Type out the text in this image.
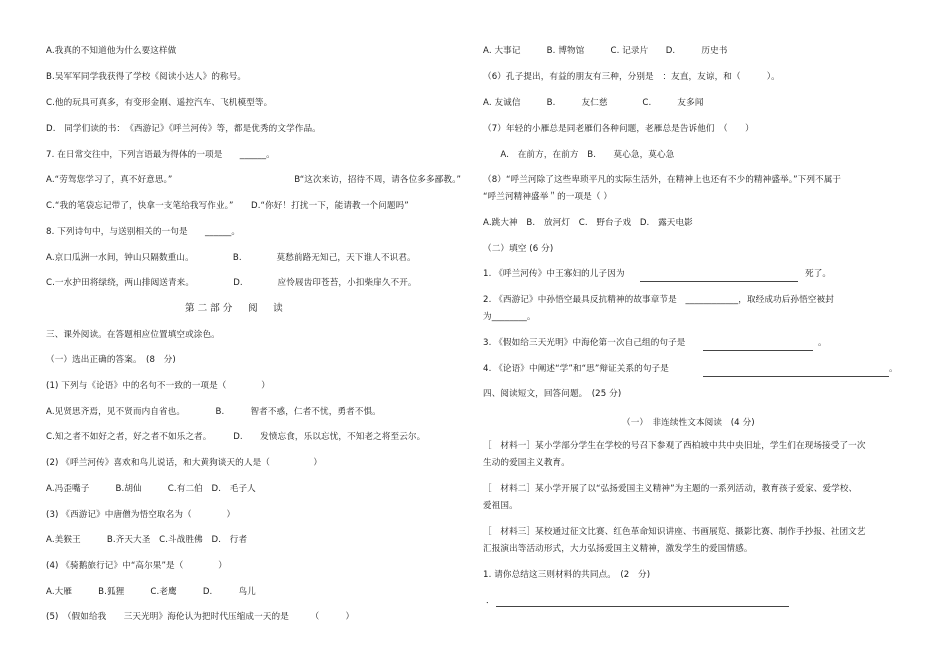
第二部分　阅　读
（一）　非连续性文本阅读　(4 分)
A.我真的不知道他为什么要这样做
B.吴军军同学我获得了学校《阅读小达人》的称号。
C.他的玩具可真多，有变形金刚、遥控汽车、飞机模型等。
D.　同学们读的书：　《西游记》《呼兰河传》等，都是优秀的文学作品。
7. 在日常交往中，下列言语最为得体的一项是　　______。
A.“劳驾您学习了，真不好意思。”　　　　　　　　　　　　　　B“这次来访，招待不周，请各位多多鄙教。”
C.“我的笔袋忘记带了，快拿一支笔给我写作业。”　　D.“你好！打扰一下，能请教一个问题吗”
8. 下列诗句中，与送别相关的一句是　　______。
A.京口瓜洲一水间，钟山只隔数重山。　　　　　B.　　　　莫愁前路无知己，天下谁人不识君。
C.一水护田将绿绕，两山排闼送青来。　　　　　D.　　　　应怜屐齿印苍苔，小扣柴扉久不开。
三、课外阅读。在答题相应位置填空或涂色。
（一）选出正确的答案。　(8　分)
(1) 下列与《论语》中的名句不一致的一项是（　　　　）
A.见贤思齐焉，见不贤而内自省也。　　　　B.　　　智者不惑，仁者不忧，勇者不惧。
C.知之者不如好之者，好之者不如乐之者。　　　D.　　发愤忘食，乐以忘忧，不知老之将至云尔。
(2) 《呼兰河传》喜欢和鸟儿说话，和大黄狗谈天的人是（　　　　　）
A.冯歪嘴子　　　B.胡仙　　　C.有二伯　D.　毛子人
(3) 《西游记》中唐僧为悟空取名为（　　　　）
A.美猴王　　　B.齐天大圣　C.斗战胜佛　D.　行者
(4) 《骑鹅旅行记》中“高尔果”是（　　　　）
A.大雁　　　B.狐狸　　　C.老鹰　　　D.　　　鸟儿
(5)　（假如给我　　三天光明》海伦认为把时代压缩成一天的是　　　（　　　）
A. 大事记　　　B. 博物馆　　　C. 记录片　　D.　　　历史书
（6）孔子提出，有益的朋友有三种，分别是　：友直，友谅，和（　　　）。
A. 友诚信　　　B.　　　友仁慈　　　　C.　　　友多闻
（7）年轻的小雁总是同老雁们各种问题，老雁总是告诉他们　（　　）
　　A.　在前方，在前方　B.　　莫心急，莫心急
（8）“呼兰河除了这些卑琐平凡的实际生活外，在精神上也还有不少的精神盛举。”下列不属于
“呼兰河精神盛举＂的一项是（ ）
A.跳大神　B.　放河灯　C.　野台子戏　D.　露天电影
（二）填空 (6 分)
1. 《呼兰河传》中王寡妇的儿子因为	死了。
2. 《西游记》中孙悟空最具反抗精神的故事章节是　____________，取经成功后孙悟空被封
为________。
3. 《假如给三天光明》中海伦第一次自己组的句子是	。
4. 《论语》中阐述“学”和“思”辩证关系的句子是	。
四、阅读短文，回答问题。　(25 分)
［　材料一］某小学部分学生在学校的号召下参观了西柏坡中共中央旧址，学生们在现场接受了一次
生动的爱国主义教育。
［　材料二］某小学开展了以“弘扬爱国主义精神”为主题的一系列活动，教育孩子爱家、爱学校、
爱祖国。
［　材料三］某校通过征文比赛、红色革命知识讲座、书画展览、摄影比赛、制作手抄报、社团文艺
汇报演出等活动形式，大力弘扬爱国主义精神，激发学生的爱国情感。
1. 请你总结这三则材料的共同点。　(2　分)
．
